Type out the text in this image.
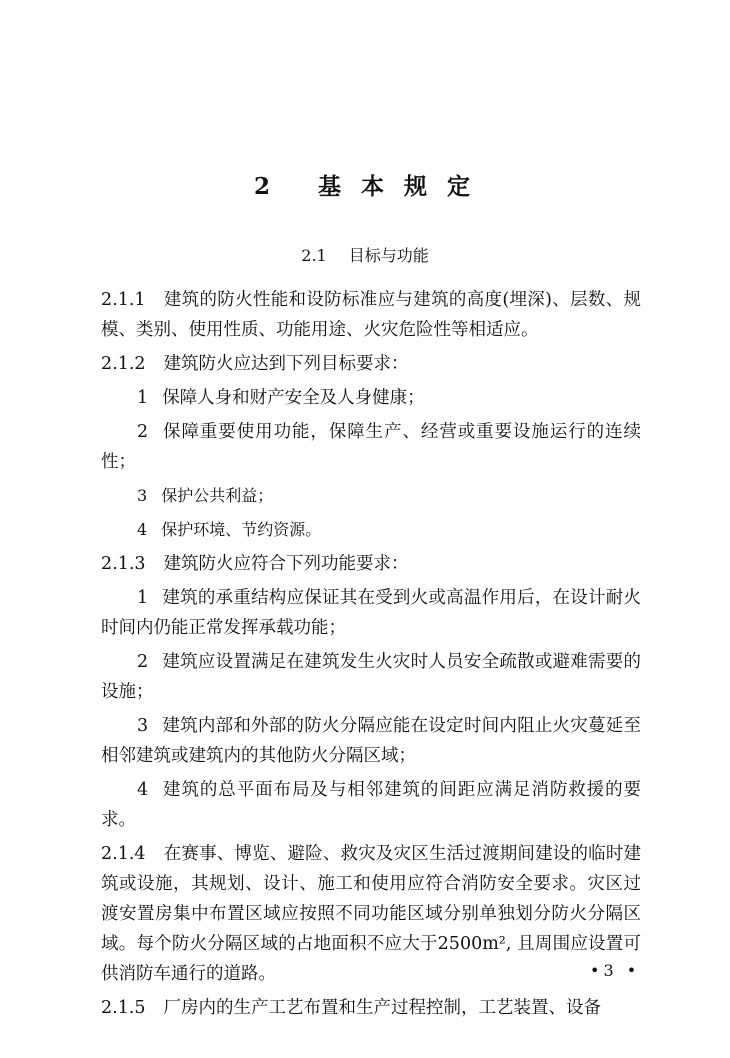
2 基 本 规 定
2.1 目标与功能

2.1.1 建筑的防火性能和设防标准应与建筑的高度(埋深)、层数、规模、类别、使用性质、功能用途、火灾危险性等相适应。

2.1.2 建筑防火应达到下列目标要求：

1 保障人身和财产安全及人身健康；

2 保障重要使用功能，保障生产、经营或重要设施运行的连续性；

3 保护公共利益；

4 保护环境、节约资源。

2.1.3 建筑防火应符合下列功能要求：

1 建筑的承重结构应保证其在受到火或高温作用后，在设计耐火时间内仍能正常发挥承载功能；

2 建筑应设置满足在建筑发生火灾时人员安全疏散或避难需要的设施；

3 建筑内部和外部的防火分隔应能在设定时间内阻止火灾蔓延至相邻建筑或建筑内的其他防火分隔区域；

4 建筑的总平面布局及与相邻建筑的间距应满足消防救援的要求。

2.1.4 在赛事、博览、避险、救灾及灾区生活过渡期间建设的临时建筑或设施，其规划、设计、施工和使用应符合消防安全要求。灾区过渡安置房集中布置区域应按照不同功能区域分别单独划分防火分隔区域。每个防火分隔区域的占地面积不应大于2500m², 且周围应设置可供消防车通行的道路。

2.1.5 厂房内的生产工艺布置和生产过程控制，工艺装置、设备

•3 •
